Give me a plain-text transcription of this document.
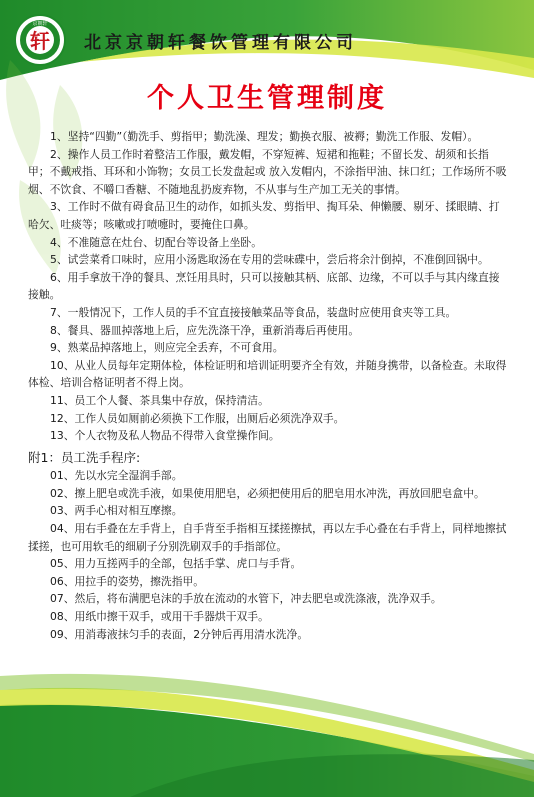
轩
京朝轩
北京京朝轩餐饮管理有限公司
个人卫生管理制度

1、坚持“四勤”（勤洗手、剪指甲；勤洗澡、理发；勤换衣服、被褥；勤洗工作服、发帽）。

2、操作人员工作时着整洁工作服，戴发帽，不穿短裤、短裙和拖鞋；不留长发、胡须和长指甲；不戴戒指、耳环和小饰物；女员工长发盘起或 放入发帽内，不涂指甲油、抹口红；工作场所不吸烟、不饮食、不嚼口香糖、不随地乱扔废弃物，不从事与生产加工无关的事情。

3、工作时不做有碍食品卫生的动作，如抓头发、剪指甲、掏耳朵、伸懒腰、剔牙、揉眼睛、打哈欠、吐痰等；咳嗽或打喷嚏时，要掩住口鼻。

4、不准随意在灶台、切配台等设备上坐卧。

5、试尝菜肴口味时，应用小汤匙取汤在专用的尝味碟中，尝后将余汁倒掉，不准倒回锅中。

6、用手拿放干净的餐具、烹饪用具时，只可以接触其柄、底部、边缘，不可以手与其内缘直接接触。

7、一般情况下，工作人员的手不宜直接接触菜品等食品，装盘时应使用食夹等工具。

8、餐具、器皿掉落地上后，应先洗涤干净，重新消毒后再使用。

9、熟菜品掉落地上，则应完全丢弃，不可食用。

10、从业人员每年定期体检，体检证明和培训证明要齐全有效，并随身携带，以备检查。未取得体检、培训合格证明者不得上岗。

11、员工个人餐、茶具集中存放，保持清洁。

12、工作人员如厕前必须换下工作服，出厕后必须洗净双手。

13、个人衣物及私人物品不得带入食堂操作间。

附1：员工洗手程序:

01、先以水完全湿润手部。

02、擦上肥皂或洗手液，如果使用肥皂，必须把使用后的肥皂用水冲洗，再放回肥皂盒中。

03、两手心相对相互摩擦。

04、用右手叠在左手背上，自手背至手指相互揉搓擦拭，再以左手心叠在右手背上，同样地擦拭揉搓，也可用软毛的细刷子分别洗刷双手的手指部位。

05、用力互搓两手的全部，包括手掌、虎口与手背。

06、用拉手的姿势，擦洗指甲。

07、然后，将布满肥皂沫的手放在流动的水管下，冲去肥皂或洗涤液，洗净双手。

08、用纸巾擦干双手，或用干手器烘干双手。

09、用消毒液抹匀手的表面，2分钟后再用清水洗净。
